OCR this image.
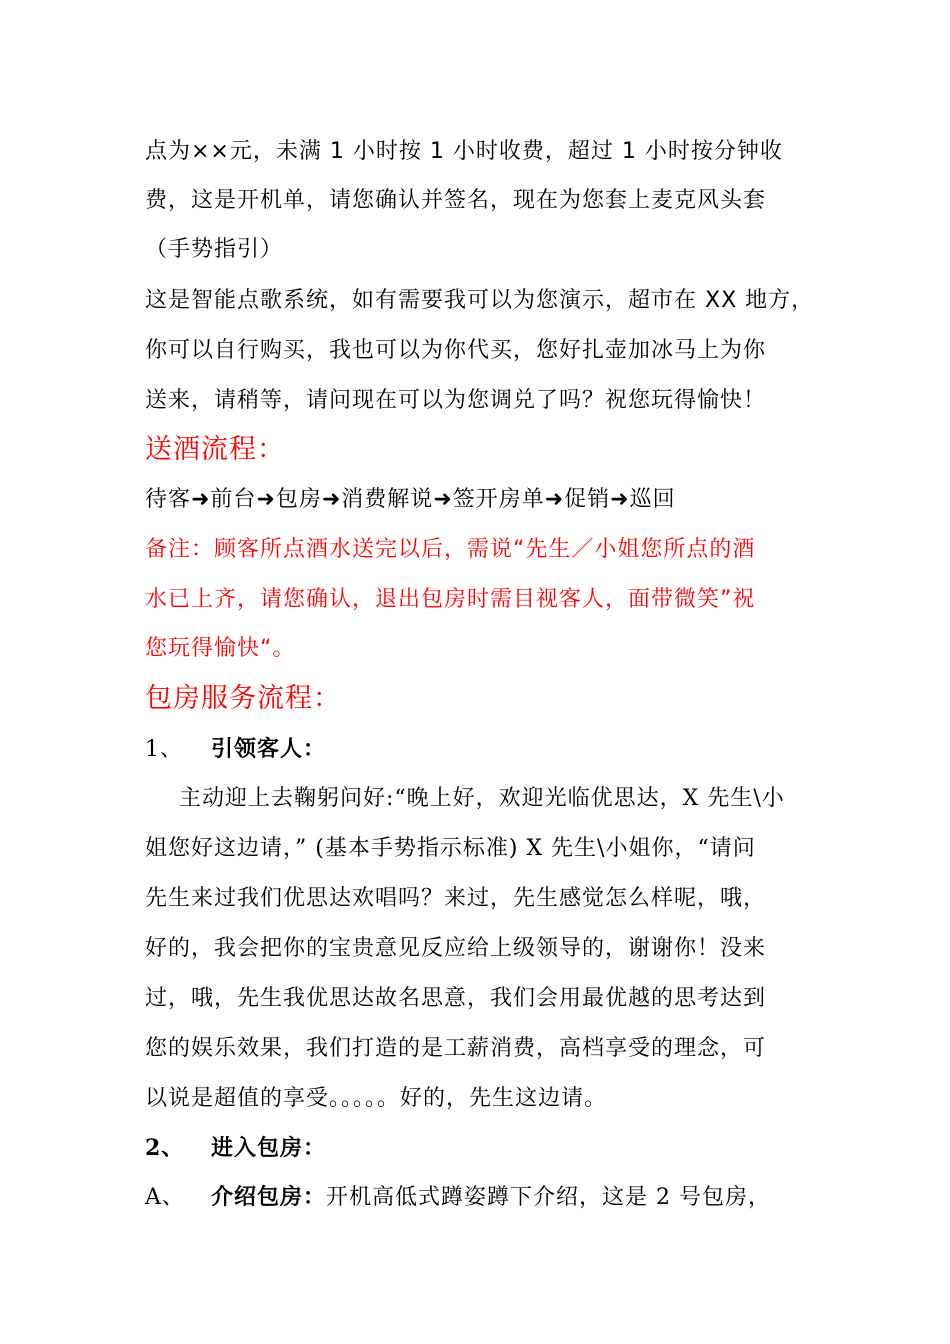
点为××元，未满 1 小时按 1 小时收费，超过 1 小时按分钟收
费，这是开机单，请您确认并签名，现在为您套上麦克风头套
（手势指引）
这是智能点歌系统，如有需要我可以为您演示，超市在 XX 地方，
你可以自行购买，我也可以为你代买，您好扎壶加冰马上为你
送来，请稍等，请问现在可以为您调兑了吗？祝您玩得愉快！
送酒流程：
待客➜前台➜包房➜消费解说➜签开房单➜促销➜巡回
备注：顾客所点酒水送完以后，需说“先生／小姐您所点的酒
水已上齐，请您确认，退出包房时需目视客人，面带微笑”祝
您玩得愉快“。
包房服务流程：
1、 引领客人：
主动迎上去鞠躬问好:“晚上好，欢迎光临优思达，X 先生\小
姐您好这边请，” (基本手势指示标准) X 先生\小姐你，“请问
先生来过我们优思达欢唱吗？来过，先生感觉怎么样呢，哦，
好的，我会把你的宝贵意见反应给上级领导的，谢谢你！没来
过，哦，先生我优思达故名思意，我们会用最优越的思考达到
您的娱乐效果，我们打造的是工薪消费，高档享受的理念，可
以说是超值的享受。。。。。好的，先生这边请。
2、 进入包房：
A、 介绍包房：开机高低式蹲姿蹲下介绍，这是 2 号包房，
